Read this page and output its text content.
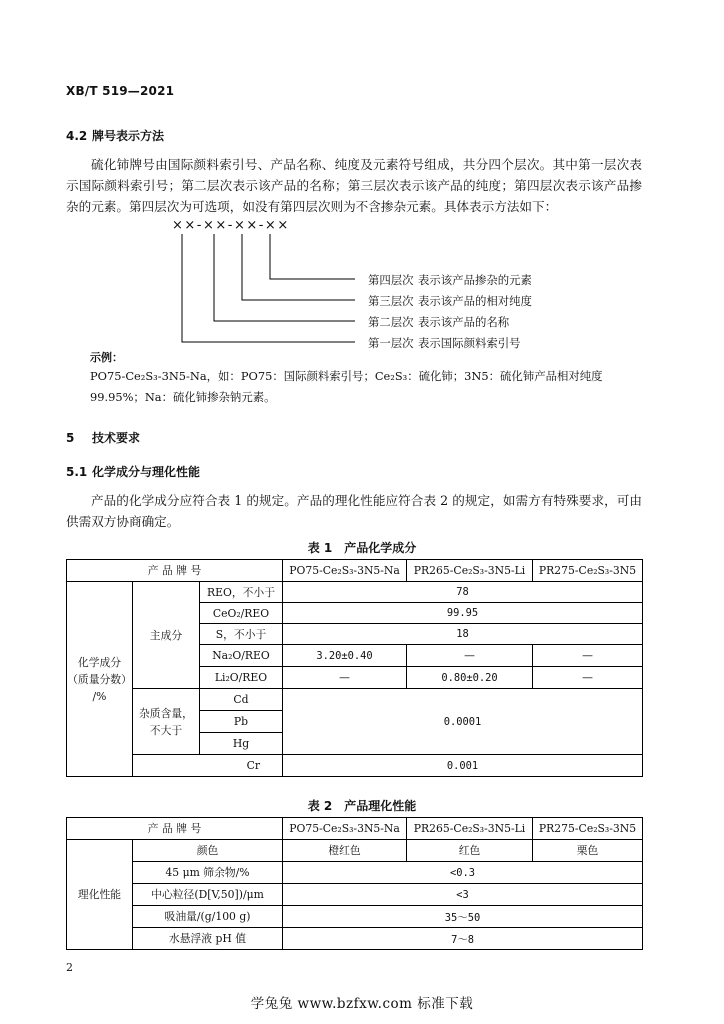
XB/T 519—2021
4.2 牌号表示方法

硫化铈牌号由国际颜料索引号、产品名称、纯度及元素符号组成，共分四个层次。其中第一层次表示国际颜料索引号；第二层次表示该产品的名称；第三层次表示该产品的纯度；第四层次表示该产品掺杂的元素。第四层次为可选项，如没有第四层次则为不含掺杂元素。具体表示方法如下：

××-××-××-××
第四层次 表示该产品掺杂的元素
第三层次 表示该产品的相对纯度
第二层次 表示该产品的名称
第一层次 表示国际颜料索引号
示例：
PO75-Ce₂S₃-3N5-Na，如：PO75：国际颜料索引号；Ce₂S₃：硫化铈；3N5：硫化铈产品相对纯度 99.95%；Na：硫化铈掺杂钠元素。
5 技术要求
5.1 化学成分与理化性能

产品的化学成分应符合表 1 的规定。产品的理化性能应符合表 2 的规定，如需方有特殊要求，可由供需双方协商确定。

表 1 产品化学成分
产 品 牌 号			PO75-Ce₂S₃-3N5-Na	PR265-Ce₂S₃-3N5-Li	PR275-Ce₂S₃-3N5
化学成分 （质量分数） /%	主成分	REO，不小于	78		
		CeO₂/REO	99.95		
		S，不小于	18		
		Na₂O/REO	3.20±0.40	—	—
		Li₂O/REO	—	0.80±0.20	—
	杂质含量， 不大于	Cd	0.0001		
		Pb			
		Hg			
	Cr		0.001		
表 2 产品理化性能
产 品 牌 号		PO75-Ce₂S₃-3N5-Na	PR265-Ce₂S₃-3N5-Li	PR275-Ce₂S₃-3N5
理化性能	颜色	橙红色	红色	栗色
	45 μm 筛余物/%	<0.3		
	中心粒径(D[V,50])/μm	<3		
	吸油量/(g/100 g)	35～50		
	水悬浮液 pH 值	7～8		
2
学兔兔 www.bzfxw.com 标准下载
